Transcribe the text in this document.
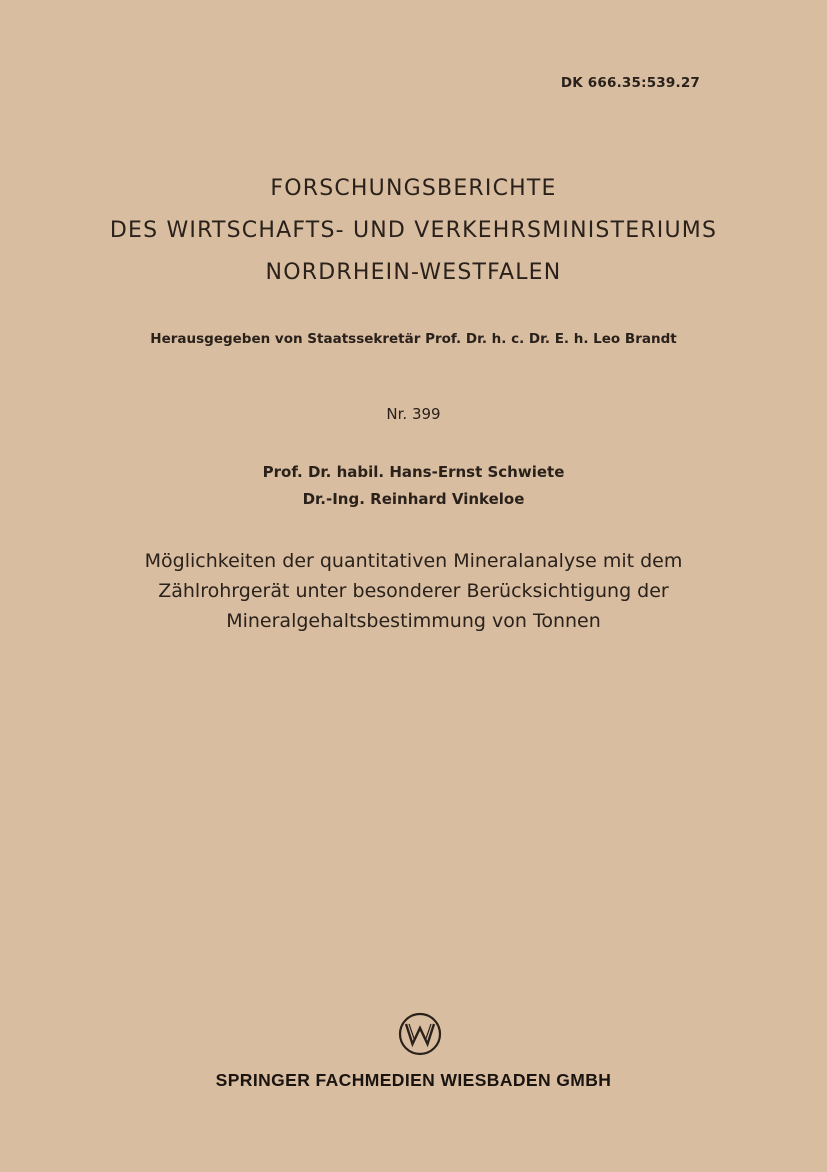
DK 666.35:539.27
FORSCHUNGSBERICHTE
DES WIRTSCHAFTS- UND VERKEHRSMINISTERIUMS
NORDRHEIN-WESTFALEN
Herausgegeben von Staatssekretär Prof. Dr. h. c. Dr. E. h. Leo Brandt
Nr. 399
Prof. Dr. habil. Hans-Ernst Schwiete
Dr.-Ing. Reinhard Vinkeloe
Möglichkeiten der quantitativen Mineralanalyse mit dem
Zählrohrgerät unter besonderer Berücksichtigung der
Mineralgehaltsbestimmung von Tonnen
SPRINGER FACHMEDIEN WIESBADEN GMBH
